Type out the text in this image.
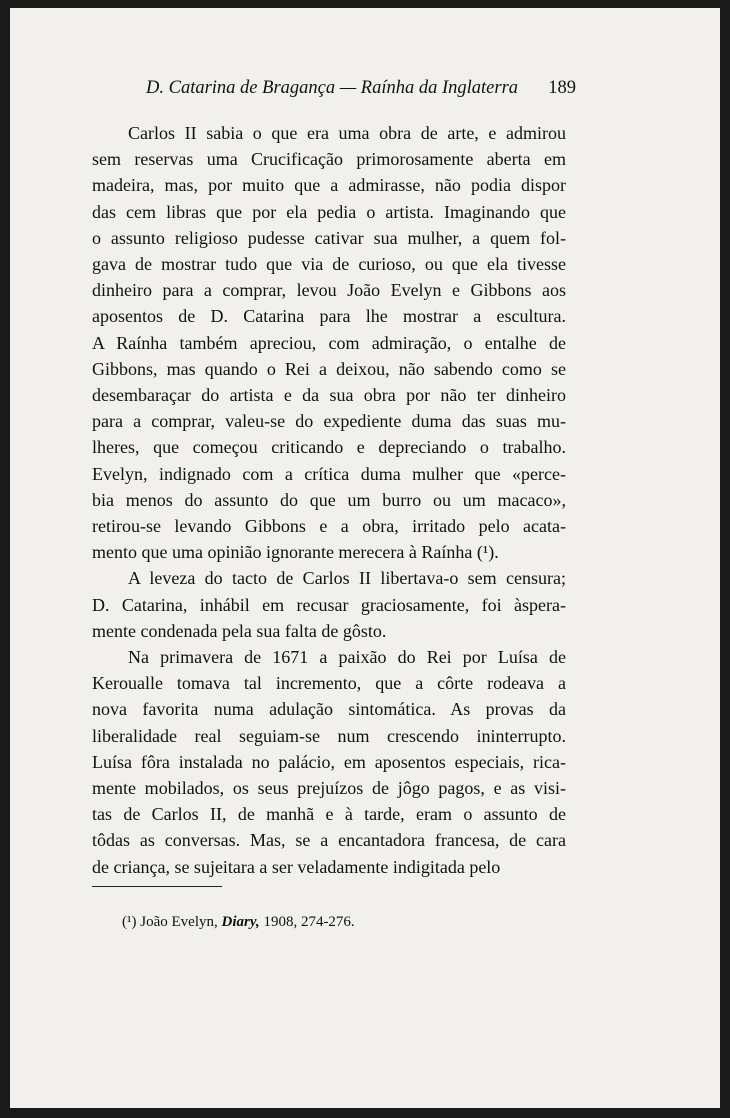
D. Catarina de Bragança — Raínha da Inglaterra 189

Carlos II sabia o que era uma obra de arte, e admirou
sem reservas uma Crucificação primorosamente aberta em
madeira, mas, por muito que a admirasse, não podia dispor
das cem libras que por ela pedia o artista. Imaginando que
o assunto religioso pudesse cativar sua mulher, a quem fol-
gava de mostrar tudo que via de curioso, ou que ela tivesse
dinheiro para a comprar, levou João Evelyn e Gibbons aos
aposentos de D. Catarina para lhe mostrar a escultura.
A Raínha também apreciou, com admiração, o entalhe de
Gibbons, mas quando o Rei a deixou, não sabendo como se
desembaraçar do artista e da sua obra por não ter dinheiro
para a comprar, valeu-se do expediente duma das suas mu-
lheres, que começou criticando e depreciando o trabalho.
Evelyn, indignado com a crítica duma mulher que «perce-
bia menos do assunto do que um burro ou um macaco»,
retirou-se levando Gibbons e a obra, irritado pelo acata-
mento que uma opinião ignorante merecera à Raínha (¹).

A leveza do tacto de Carlos II libertava-o sem censura;
D. Catarina, inhábil em recusar graciosamente, foi àspera-
mente condenada pela sua falta de gôsto.

Na primavera de 1671 a paixão do Rei por Luísa de
Keroualle tomava tal incremento, que a côrte rodeava a
nova favorita numa adulação sintomática. As provas da
liberalidade real seguiam-se num crescendo ininterrupto.
Luísa fôra instalada no palácio, em aposentos especiais, rica-
mente mobilados, os seus prejuízos de jôgo pagos, e as visi-
tas de Carlos II, de manhã e à tarde, eram o assunto de
tôdas as conversas. Mas, se a encantadora francesa, de cara
de criança, se sujeitara a ser veladamente indigitada pelo

(¹) João Evelyn, Diary, 1908, 274-276.
